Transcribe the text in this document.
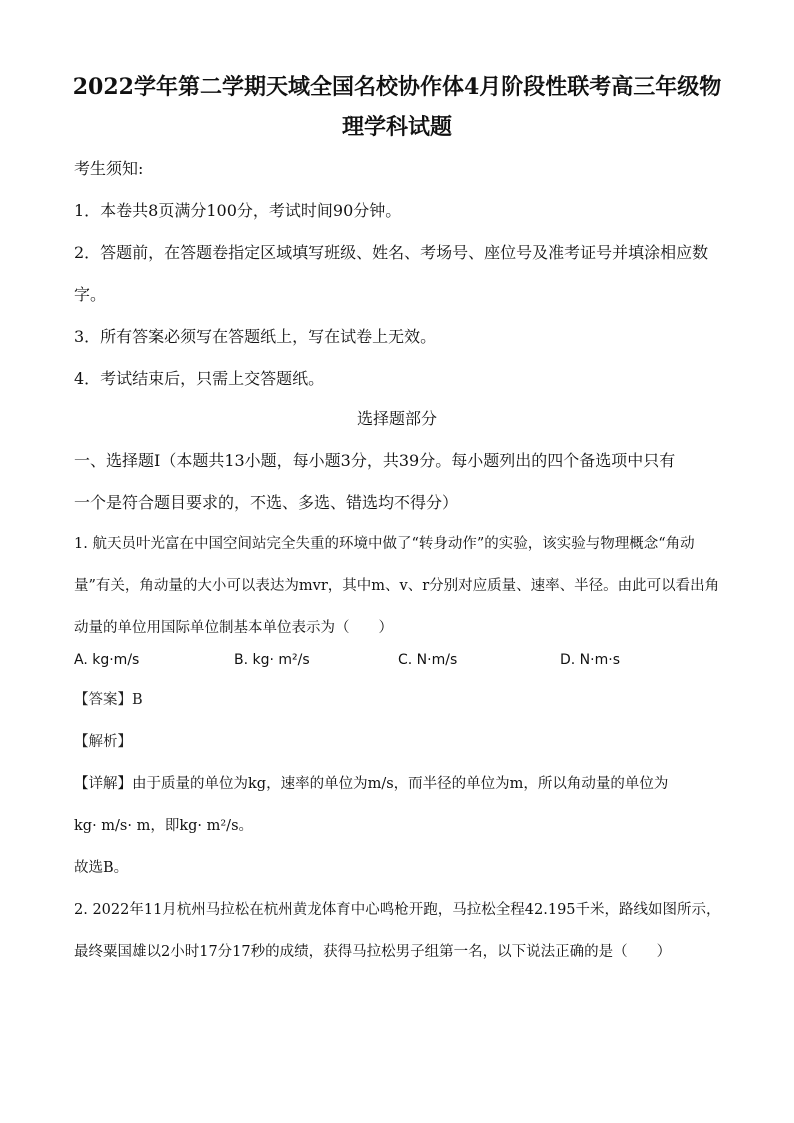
2022学年第二学期天域全国名校协作体4月阶段性联考高三年级物
理学科试题
考生须知:
1．本卷共8页满分100分，考试时间90分钟。
2．答题前，在答题卷指定区域填写班级、姓名、考场号、座位号及准考证号并填涂相应数
字。
3．所有答案必须写在答题纸上，写在试卷上无效。
4．考试结束后，只需上交答题纸。
选择题部分
一、选择题Ⅰ（本题共13小题，每小题3分，共39分。每小题列出的四个备选项中只有
一个是符合题目要求的，不选、多选、错选均不得分）
1. 航天员叶光富在中国空间站完全失重的环境中做了“转身动作”的实验，该实验与物理概念“角动
量”有关，角动量的大小可以表达为mvr，其中m、v、r分别对应质量、速率、半径。由此可以看出角
动量的单位用国际单位制基本单位表示为（　　）
A. kg·m/s	B. kg· m²/s	C. N·m/s	D. N·m·s
【答案】B
【解析】
【详解】由于质量的单位为kg，速率的单位为m/s，而半径的单位为m，所以角动量的单位为
kg· m/s· m，即kg· m²/s。
故选B。
2. 2022年11月杭州马拉松在杭州黄龙体育中心鸣枪开跑，马拉松全程42.195千米，路线如图所示，
最终粟国雄以2小时17分17秒的成绩，获得马拉松男子组第一名，以下说法正确的是（　　）
